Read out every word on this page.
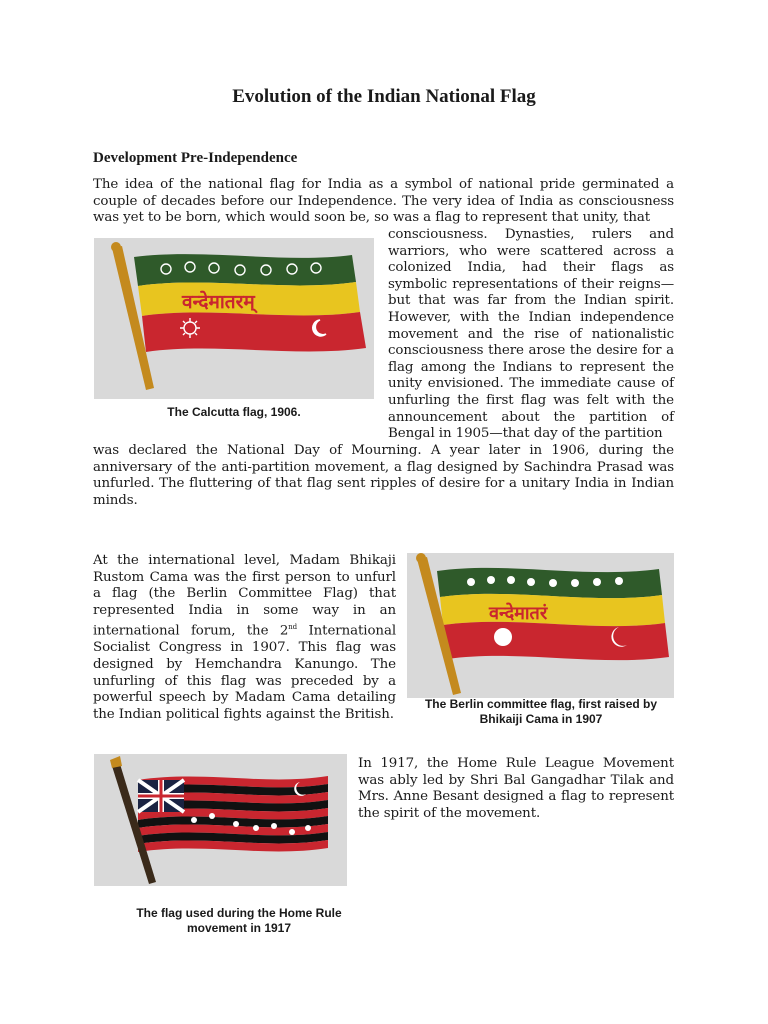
Evolution of the Indian National Flag
Development Pre-Independence
The idea of the national flag for India as a symbol of national pride germinated a couple of decades before our Independence. The very idea of India as consciousness was yet to be born, which would soon be, so was a flag to represent that unity, that
consciousness. Dynasties, rulers and warriors, who were scattered across a colonized India, had their flags as symbolic representations of their reigns—but that was far from the Indian spirit. However, with the Indian independence movement and the rise of nationalistic consciousness there arose the desire for a flag among the Indians to represent the unity envisioned. The immediate cause of unfurling the first flag was felt with the announcement about the partition of Bengal in 1905—that day of the partition
was declared the National Day of Mourning. A year later in 1906, during the anniversary of the anti-partition movement, a flag designed by Sachindra Prasad was unfurled. The fluttering of that flag sent ripples of desire for a unitary India in Indian minds.
वन्देमातरम्
The Calcutta flag, 1906.
At the international level, Madam Bhikaji Rustom Cama was the first person to unfurl a flag (the Berlin Committee Flag) that represented India in some way in an international forum, the 2nd International Socialist Congress in 1907. This flag was designed by Hemchandra Kanungo. The unfurling of this flag was preceded by a powerful speech by Madam Cama detailing the Indian political fights against the British.
वन्देमातरं
The Berlin committee flag, first raised by Bhikaiji Cama in 1907
The flag used during the Home Rule movement in 1917
In 1917, the Home Rule League Movement was ably led by Shri Bal Gangadhar Tilak and Mrs. Anne Besant designed a flag to represent the spirit of the movement.
